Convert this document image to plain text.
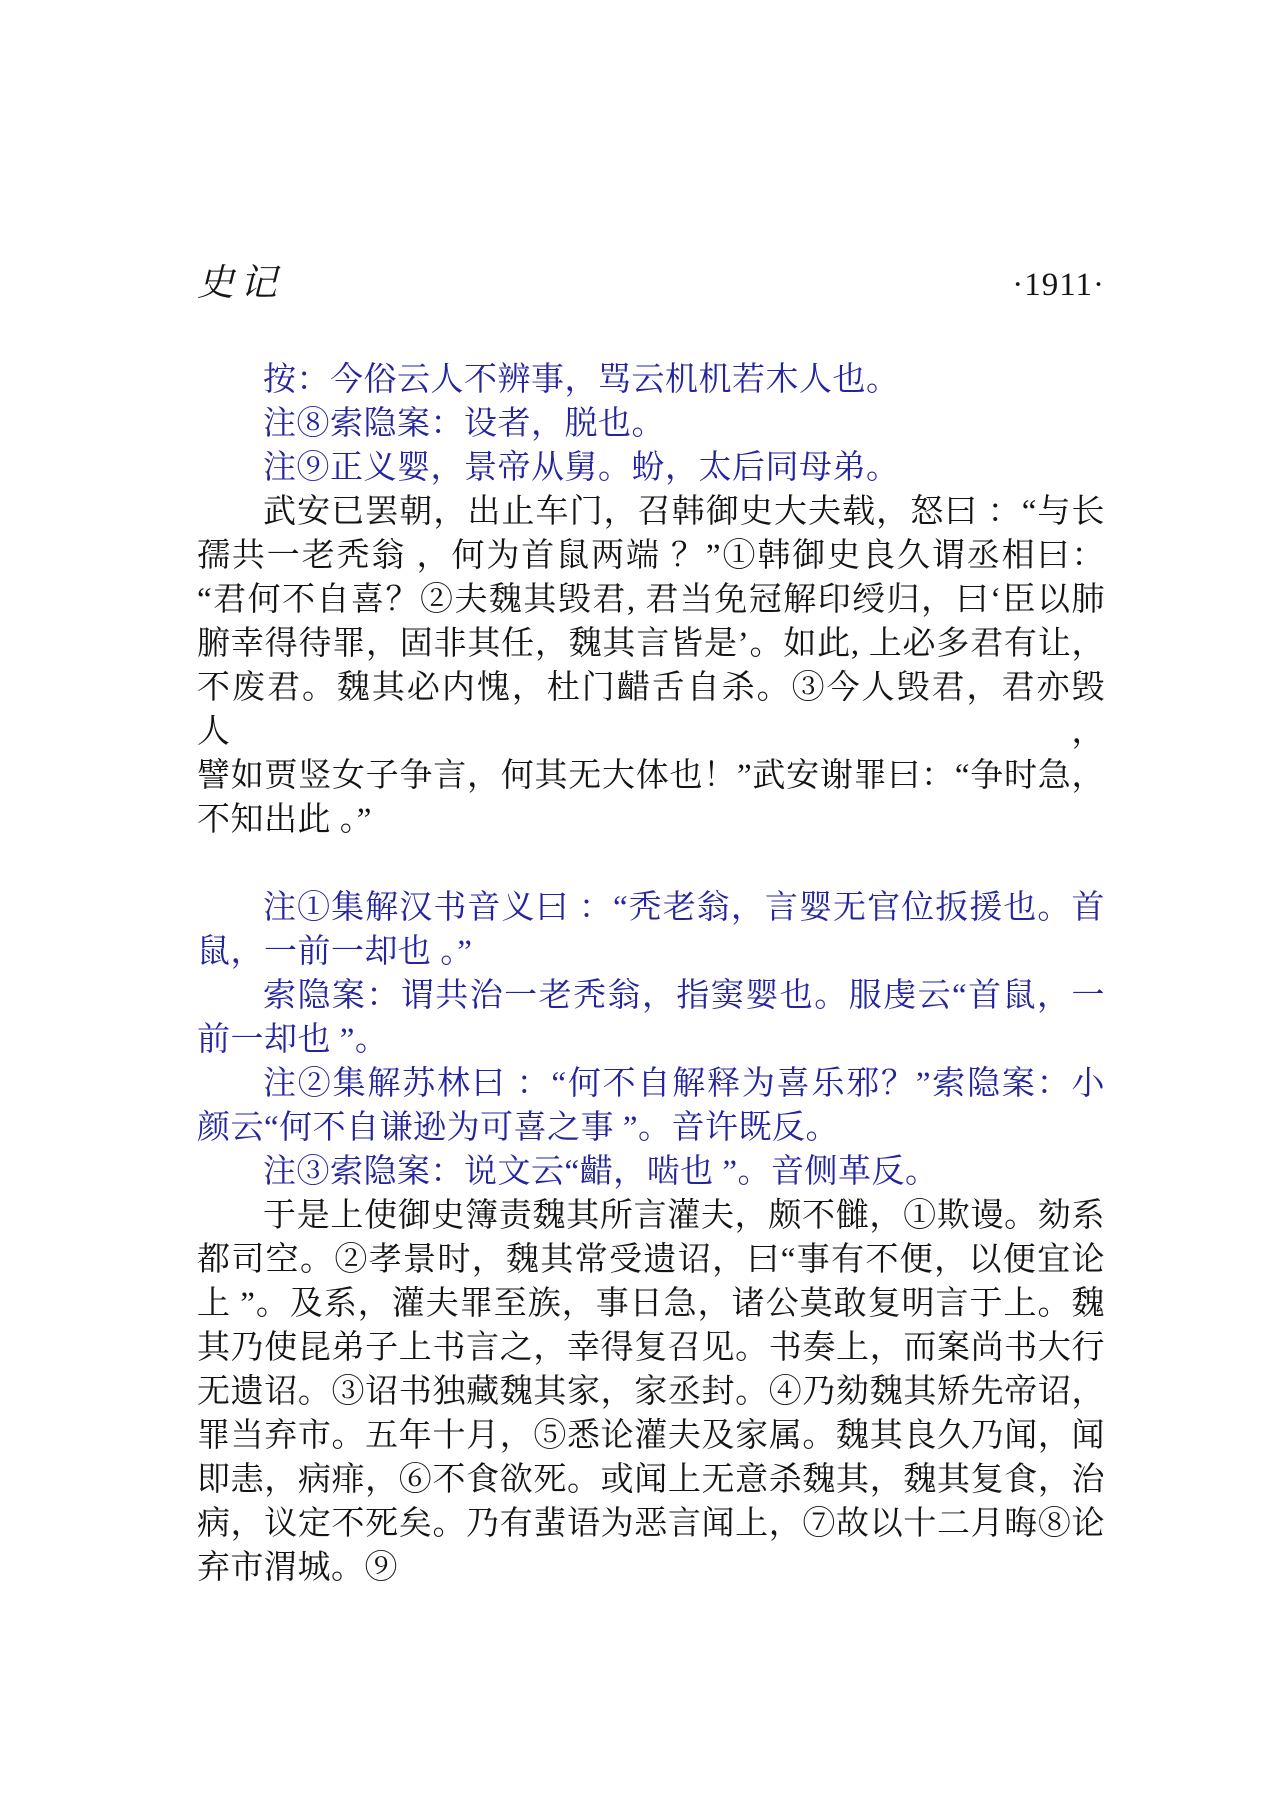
史记	·1911·
按：今俗云人不辨事，骂云机机若木人也。
注⑧索隐案：设者，脱也。
注⑨正义婴，景帝从舅。蚡，太后同母弟。
武安已罢朝，出止车门，召韩御史大夫载，怒曰 ：“与长
孺共一老秃翁 ，何为首鼠两端 ？”①韩御史良久谓丞相曰：
“君何不自喜？②夫魏其毁君, 君当免冠解印绶归，曰‘臣以肺
腑幸得待罪，固非其任，魏其言皆是’。如此, 上必多君有让，
不废君。魏其必内愧，杜门齰舌自杀。③今人毁君，君亦毁人，
譬如贾竖女子争言，何其无大体也！”武安谢罪曰：“争时急，
不知出此 。”
注①集解汉书音义曰 ：“秃老翁，言婴无官位扳援也。首
鼠，一前一却也 。”
索隐案：谓共治一老秃翁，指窦婴也。服虔云“首鼠，一
前一却也 ”。
注②集解苏林曰 ：“何不自解释为喜乐邪？”索隐案：小
颜云“何不自谦逊为可喜之事 ”。音许既反。
注③索隐案：说文云“齰，啮也 ”。音侧革反。
于是上使御史簿责魏其所言灌夫，颇不雠，①欺谩。劾系
都司空。②孝景时，魏其常受遗诏，曰“事有不便，以便宜论
上 ”。及系，灌夫罪至族，事日急，诸公莫敢复明言于上。魏
其乃使昆弟子上书言之，幸得复召见。书奏上，而案尚书大行
无遗诏。③诏书独藏魏其家，家丞封。④乃劾魏其矫先帝诏，
罪当弃市。五年十月，⑤悉论灌夫及家属。魏其良久乃闻，闻
即恚，病痱，⑥不食欲死。或闻上无意杀魏其，魏其复食，治
病，议定不死矣。乃有蜚语为恶言闻上，⑦故以十二月晦⑧论
弃市渭城。⑨
